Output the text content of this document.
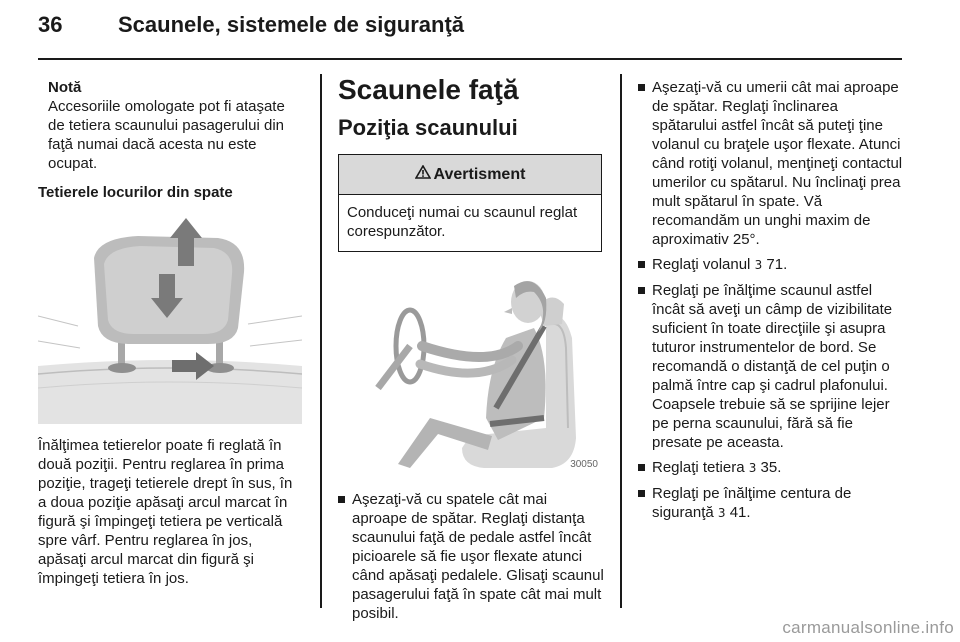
36	Scaunele, sistemele de siguranţă
Notă
Accesoriile omologate pot fi ataşate de tetiera scaunului pasagerului din faţă numai dacă acesta nu este ocupat.
Tetierele locurilor din spate
Înălţimea tetierelor poate fi reglată în două poziţii. Pentru reglarea în prima poziţie, trageţi tetierele drept în sus, în a doua poziţie apăsaţi arcul marcat în figură şi împingeţi tetiera pe verticală spre vârf. Pentru reglarea în jos, apăsaţi arcul marcat din figură şi împingeţi tetiera în jos.
Scaunele faţă
Poziţia scaunului
Avertisment
Conduceţi numai cu scaunul reglat corespunzător.
30050
Aşezaţi-vă cu spatele cât mai aproape de spătar. Reglaţi distanţa scaunului faţă de pedale astfel încât picioarele să fie uşor flexate atunci când apăsaţi pedalele. Glisaţi scaunul pasagerului faţă în spate cât mai mult posibil.
Aşezaţi-vă cu umerii cât mai aproape de spătar. Reglaţi înclinarea spătarului astfel încât să puteţi ţine volanul cu braţele uşor flexate. Atunci când rotiţi volanul, menţineţi contactul umerilor cu spătarul. Nu înclinaţi prea mult spătarul în spate. Vă recomandăm un unghi maxim de aproximativ 25°.
Reglaţi volanul 3 71.
Reglaţi pe înălţime scaunul astfel încât să aveţi un câmp de vizibilitate suficient în toate direcţiile şi asupra tuturor instrumentelor de bord. Se recomandă o distanţă de cel puţin o palmă între cap şi cadrul plafonului. Coapsele trebuie să se sprijine lejer pe perna scaunului, fără să fie presate pe aceasta.
Reglaţi tetiera 3 35.
Reglaţi pe înălţime centura de siguranţă 3 41.
carmanualsonline.info
